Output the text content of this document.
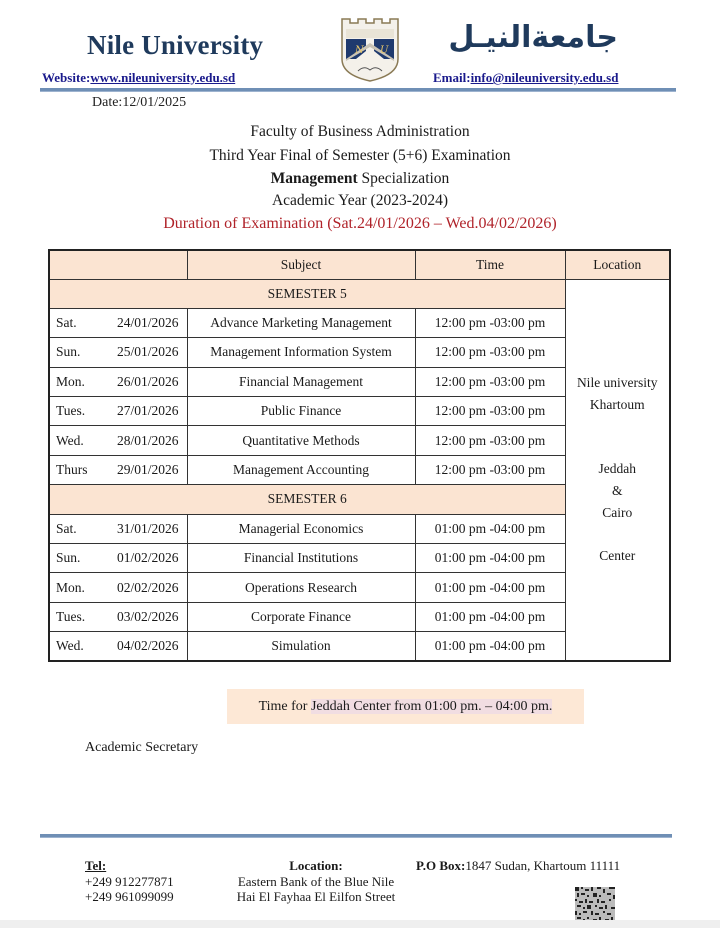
Nile University
Website:www.nileuniversity.edu.sd
N U جامعةالنيـل
Email:info@nileuniversity.edu.sd
Date:12/01/2025
Faculty of Business Administration
Third Year Final of Semester (5+6) Examination
Management Specialization
Academic Year (2023-2024)
Duration of Examination (Sat.24/01/2026 – Wed.04/02/2026)
		Subject	Time	Location
SEMESTER 5	
Nile university
Khartoum
Jeddah
&
Cairo
Center

Sat.	24/01/2026	Advance Marketing Management	12:00 pm -03:00 pm	
Sun.	25/01/2026	Management Information System	12:00 pm -03:00 pm	
Mon.	26/01/2026	Financial Management	12:00 pm -03:00 pm	
Tues.	27/01/2026	Public Finance	12:00 pm -03:00 pm	
Wed.	28/01/2026	Quantitative Methods	12:00 pm -03:00 pm	
Thurs	29/01/2026	Management Accounting	12:00 pm -03:00 pm	
SEMESTER 6				
Sat.	31/01/2026	Managerial Economics	01:00 pm -04:00 pm	
Sun.	01/02/2026	Financial Institutions	01:00 pm -04:00 pm	
Mon.	02/02/2026	Operations Research	01:00 pm -04:00 pm	
Tues.	03/02/2026	Corporate Finance	01:00 pm -04:00 pm	
Wed.	04/02/2026	Simulation	01:00 pm -04:00 pm	
Time for Jeddah Center from 01:00 pm. – 04:00 pm.
Academic Secretary
Tel:
+249 912277871
+249 961099099
Location:
Eastern Bank of the Blue Nile
Hai El Fayhaa El Eilfon Street
P.O Box:1847 Sudan, Khartoum 11111
